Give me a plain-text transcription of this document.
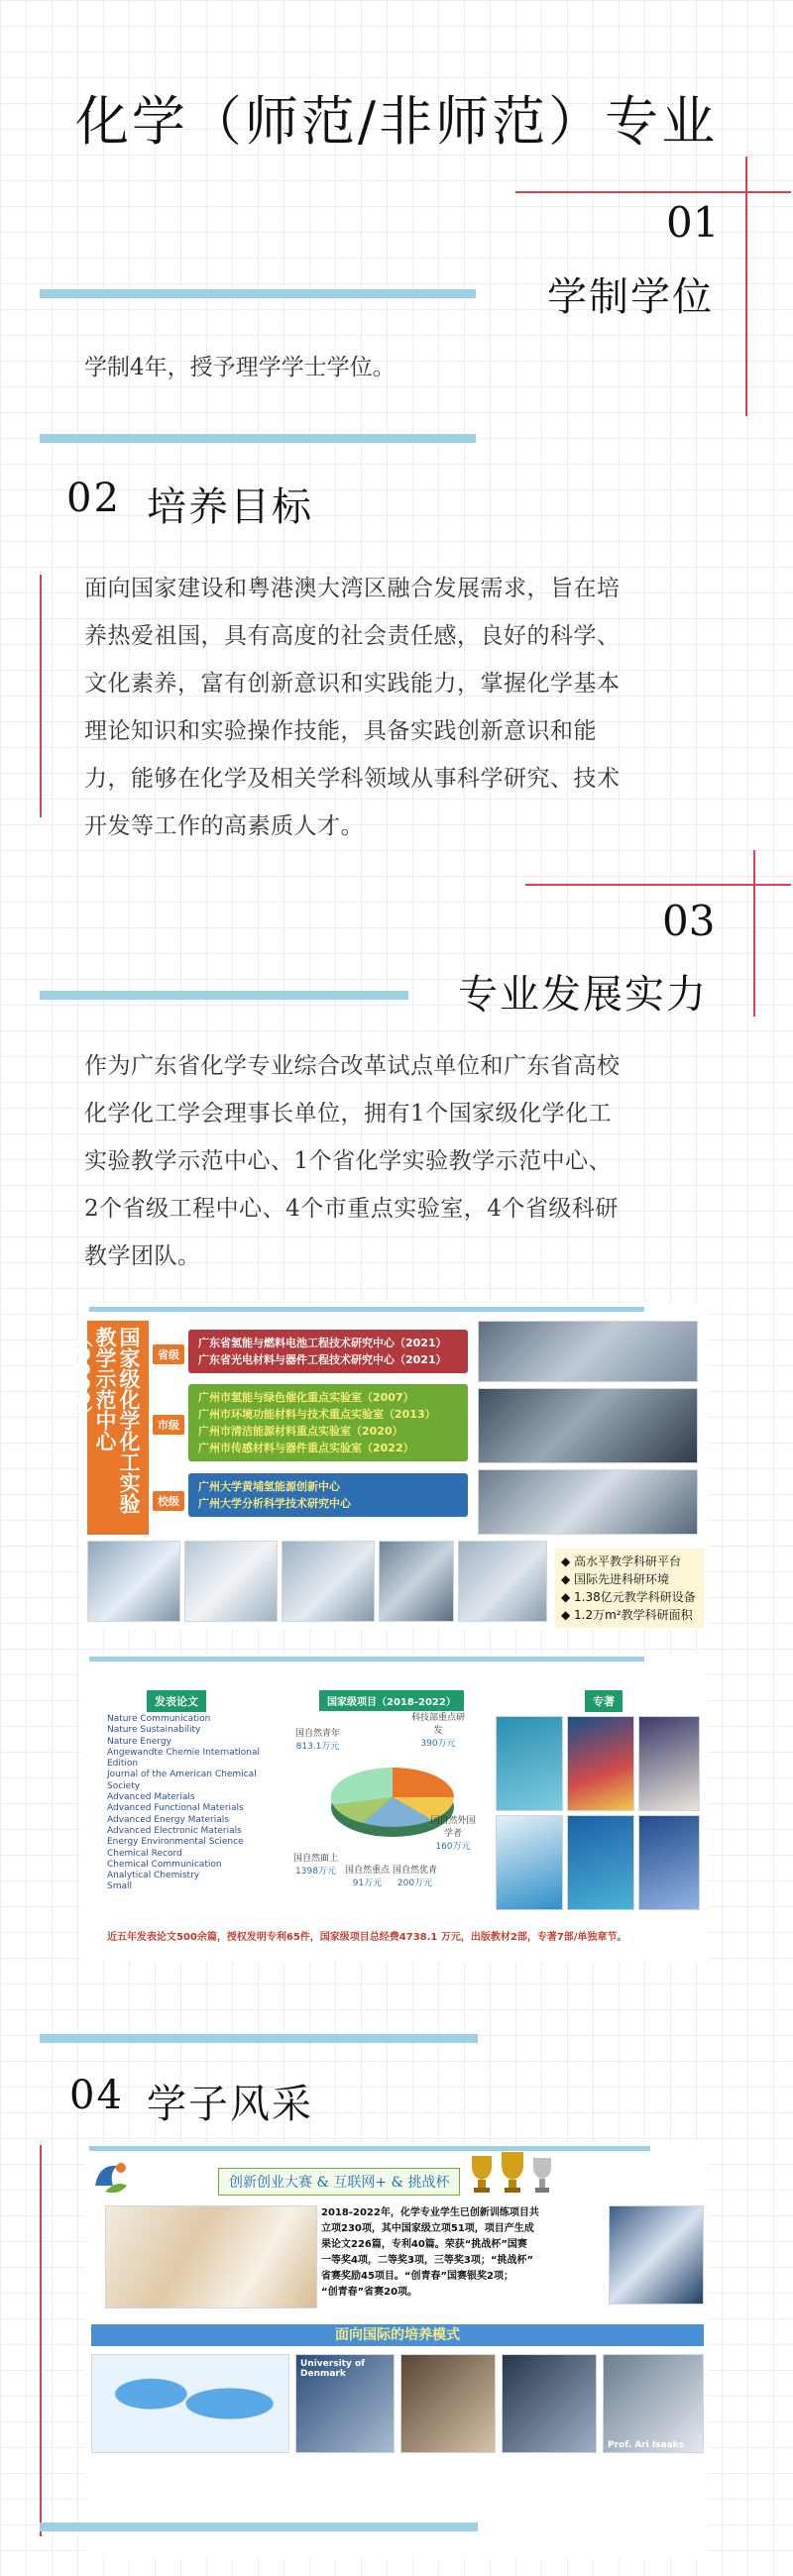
化学（师范/非师范）专业
01
学制学位
学制4年，授予理学学士学位。
02 培养目标
面向国家建设和粤港澳大湾区融合发展需求，旨在培
养热爱祖国，具有高度的社会责任感，良好的科学、
文化素养，富有创新意识和实践能力，掌握化学基本
理论知识和实验操作技能，具备实践创新意识和能
力，能够在化学及相关学科领域从事科学研究、技术
开发等工作的高素质人才。
03
专业发展实力
作为广东省化学专业综合改革试点单位和广东省高校
化学化工学会理事长单位，拥有1个国家级化学化工
实验教学示范中心、1个省化学实验教学示范中心、
2个省级工程中心、4个市重点实验室，4个省级科研
教学团队。
国家级化学化工实验教学示范中心（2009）	省级
广东省氢能与燃料电池工程技术研究中心（2021）
广东省光电材料与器件工程技术研究中心（2021）
市级
广州市氢能与绿色催化重点实验室（2007）
广州市环境功能材料与技术重点实验室（2013）
广州市清洁能源材料重点实验室（2020）
广州市传感材料与器件重点实验室（2022）
校级
广州大学黄埔氢能源创新中心
广州大学分析科学技术研究中心
◆ 高水平教学科研平台
◆ 国际先进科研环境
◆ 1.38亿元教学科研设备
◆ 1.2万m²教学科研面积
发表论文
Nature Communication
Nature Sustainability
Nature Energy
Angewandte Chemie International Edition
Journal of the American Chemical Society
Advanced Materials
Advanced Functional Materials
Advanced Energy Materials
Advanced Electronic Materials
Energy Environmental Science
Chemical Record
Chemical Communication
Analytical Chemistry
Small
国家级项目（2018-2022）
国自然青年
813.1万元
科技部重点研发
390万元
国自然外国学者
160万元
国自然面上
1398万元 国自然重点
91万元
国自然优青
200万元
专著
近五年发表论文500余篇，授权发明专利65件，国家级项目总经费4738.1 万元，出版教材2部，专著7部/单独章节。
04 学子风采
创新创业大赛 & 互联网+ & 挑战杯
2018-2022年，化学专业学生已创新训练项目共
立项230项，其中国家级立项51项，项目产生成
果论文226篇，专利40篇。荣获“挑战杯”国赛
一等奖4项，二等奖3项，三等奖3项；“挑战杯”
省赛奖励45项目。“创青春”国赛银奖2项；
“创青春”省赛20项。
面向国际的培养模式
University of Denmark
Prof. Ari Isaaks
